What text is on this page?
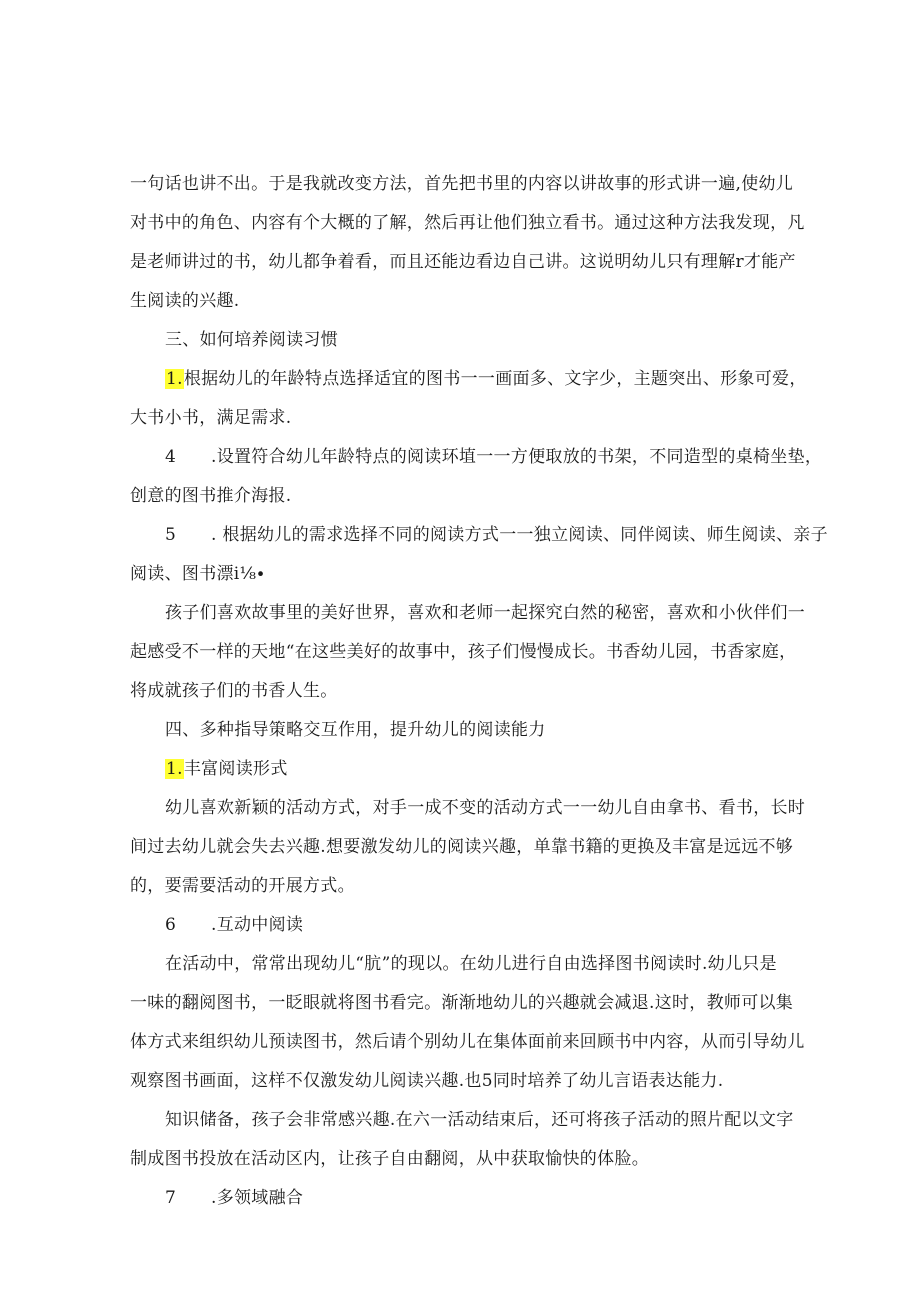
一句话也讲不出。于是我就改变方法，首先把书里的内容以讲故事的形式讲一遍,使幼儿
对书中的角色、内容有个大概的了解，然后再让他们独立看书。通过这种方法我发现，凡
是老师讲过的书，幼儿都争着看，而且还能边看边自己讲。这说明幼儿只有理解r才能产
生阅读的兴趣.
三、如何培养阅读习惯
1.根据幼儿的年龄特点选择适宜的图书一一画面多、文字少，主题突出、形象可爱，
大书小书，满足需求.
4 .设置符合幼儿年龄特点的阅读环埴一一方便取放的书架，不同造型的桌椅坐垫，
创意的图书推介海报.
5 . 根据幼儿的需求选择不同的阅读方式一一独立阅读、同伴阅读、师生阅读、亲子
阅读、图书漂i⅛∙
孩子们喜欢故事里的美好世界，喜欢和老师一起探究白然的秘密，喜欢和小伙伴们一
起感受不一样的天地“在这些美好的故事中，孩子们慢慢成长。书香幼儿园，书香家庭，
将成就孩子们的书香人生。
四、多种指导策略交互作用，提升幼儿的阅读能力
1.丰富阅读形式
幼儿喜欢新颖的活动方式，对手一成不变的活动方式一一幼儿自由拿书、看书，长时
间过去幼儿就会失去兴趣.想要激发幼儿的阅读兴趣，单靠书籍的更换及丰富是远远不够
的，要需要活动的开展方式。
6 .互动中阅读
在活动中，常常出现幼儿“肮”的现以。在幼儿进行自由选择图书阅读时.幼儿只是
一味的翻阅图书，一眨眼就将图书看完。渐渐地幼儿的兴趣就会减退.这时，教师可以集
体方式来组织幼儿预读图书，然后请个别幼儿在集体面前来回顾书中内容，从而引导幼儿
观察图书画面，这样不仅激发幼儿阅读兴趣.也5同时培养了幼儿言语表达能力.
知识储备，孩子会非常感兴趣.在六一活动结束后，还可将孩子活动的照片配以文字
制成图书投放在活动区内，让孩子自由翻阅，从中获取愉快的体脸。
7 .多领域融合
